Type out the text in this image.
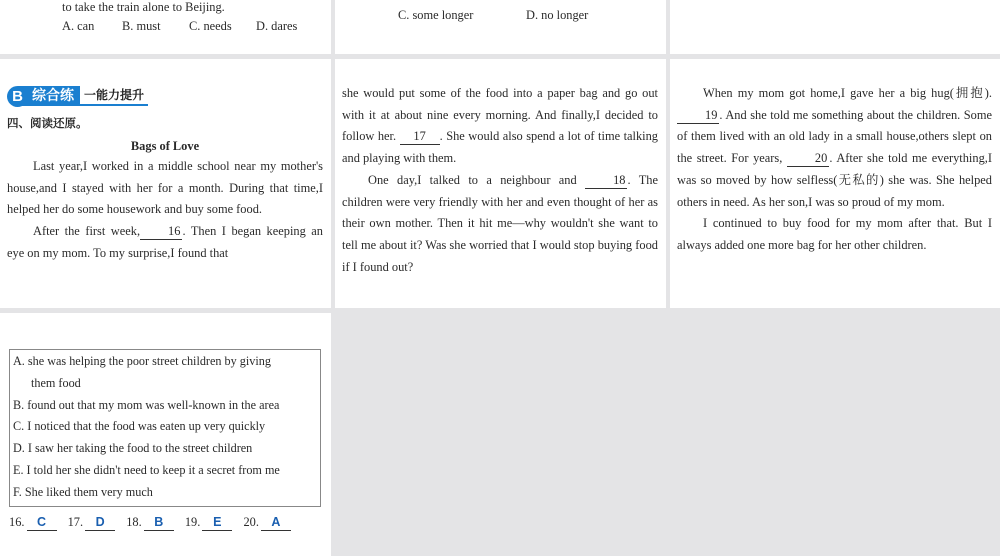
to take the train alone to Beijing.

A. can	B. must	C. needs	D. dares
C. some longer	D. no longer
B 综合练 一能力提升
四、阅读还原。
Bags of Love

Last year,I worked in a middle school near my mother's house,and I stayed with her for a month. During that time,I helped her do some housework and buy some food.

After the first week, 16 . Then I began keeping an eye on my mom. To my surprise,I found that

she would put some of the food into a paper bag and go out with it at about nine every morning. And finally,I decided to follow her. 17 . She would also spend a lot of time talking and playing with them.

One day,I talked to a neighbour and	18 . The children were very friendly with her and even thought of her as their own mother. Then it hit me—why wouldn't she want to tell me about it? Was she worried that I would stop buying food if I found out?

When my mom got home,I gave her a big hug(拥抱). 19 . And she told me something about the children. Some of them lived with an old lady in a small house,others slept on the street. For years,	20 . After she told me everything,I was so moved by how selfless(无私的) she was. She helped others in need. As her son,I was so proud of my mom.

I continued to buy food for my mom after that. But I always added one more bag for her other children.

A. she was helping the poor street children by giving
them food
B. found out that my mom was well-known in the area
C. I noticed that the food was eaten up very quickly
D. I saw her taking the food to the street children
E. I told her she didn't need to keep it a secret from me
F. She liked them very much
16. C 17. D 18. B 19. E 20. A
